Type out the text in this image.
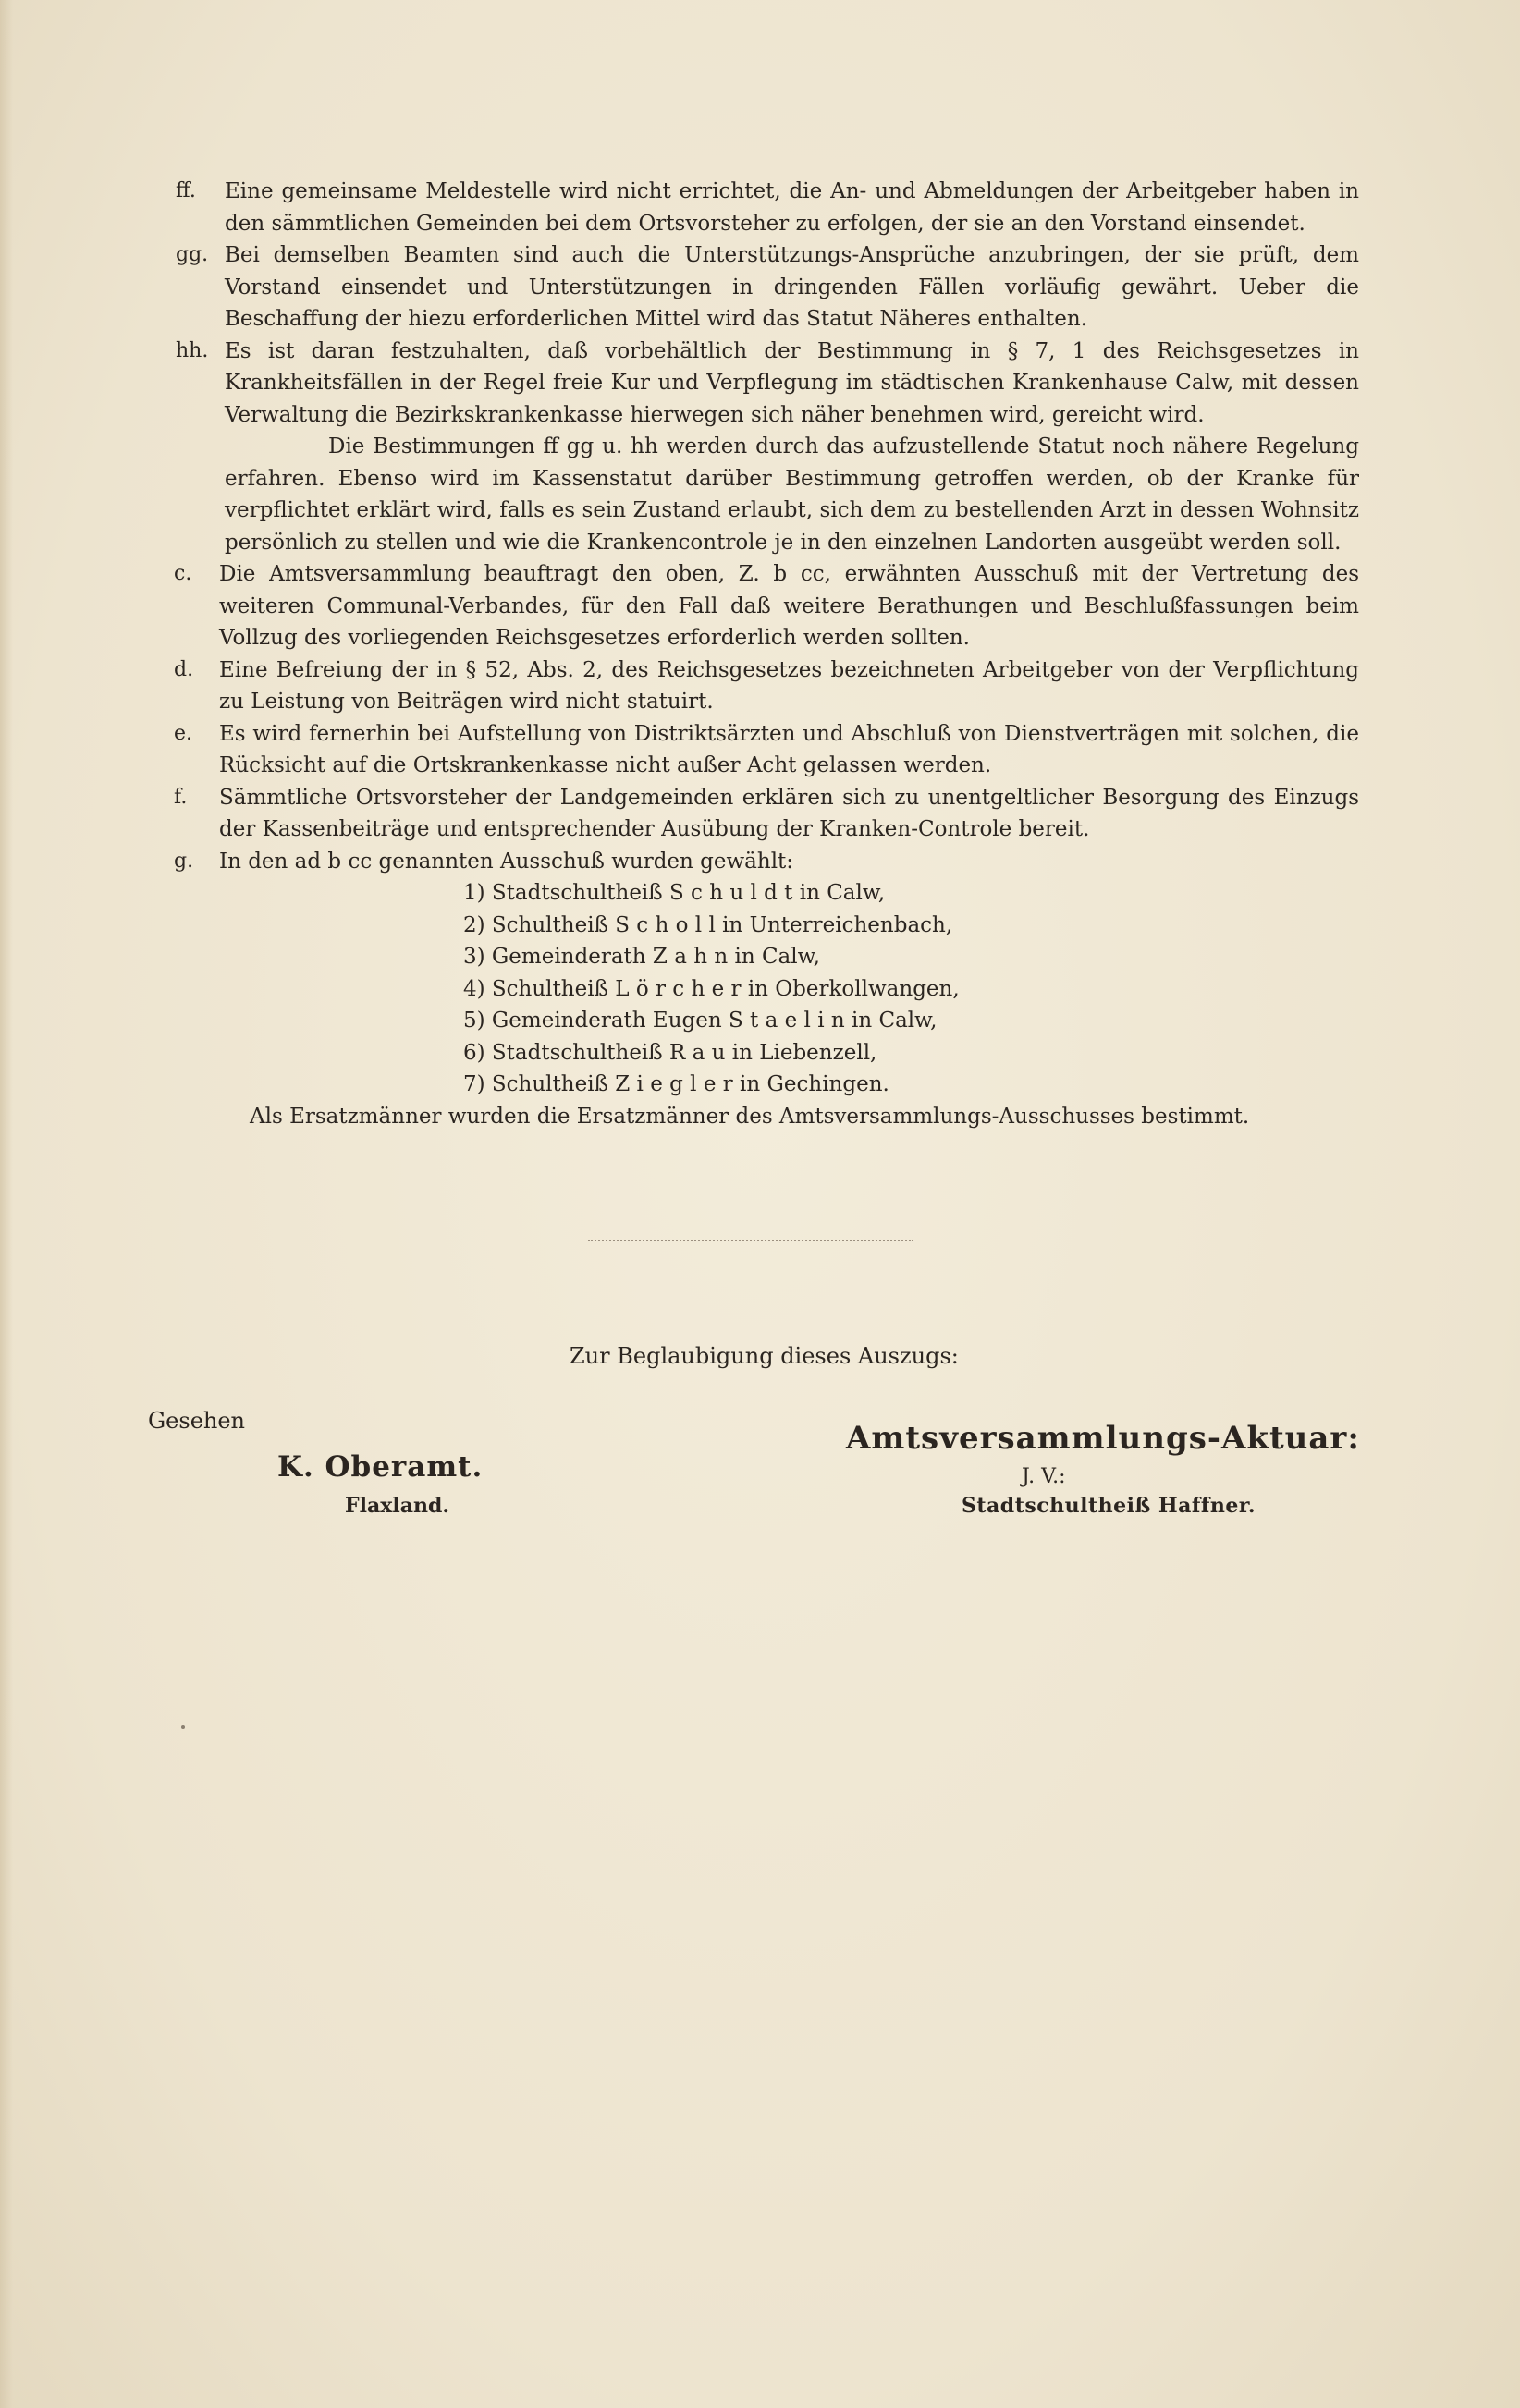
ff. Eine gemeinsame Meldestelle wird nicht errichtet, die An- und Abmeldungen der Arbeitgeber haben in den sämmtlichen Gemeinden bei dem Ortsvorsteher zu erfolgen, der sie an den Vorstand einsendet.
gg. Bei demselben Beamten sind auch die Unterstützungs-Ansprüche anzubringen, der sie prüft, dem Vorstand einsendet und Unterstützungen in dringenden Fällen vorläufig gewährt. Ueber die Beschaffung der hiezu erforderlichen Mittel wird das Statut Näheres enthalten.
hh. Es ist daran festzuhalten, daß vorbehältlich der Bestimmung in § 7, 1 des Reichsgesetzes in Krankheitsfällen in der Regel freie Kur und Verpflegung im städtischen Krankenhause Calw, mit dessen Verwaltung die Bezirkskrankenkasse hierwegen sich näher benehmen wird, gereicht wird.
Die Bestimmungen ff gg u. hh werden durch das aufzustellende Statut noch nähere Regelung erfahren. Ebenso wird im Kassenstatut darüber Bestimmung getroffen werden, ob der Kranke für verpflichtet erklärt wird, falls es sein Zustand erlaubt, sich dem zu bestellenden Arzt in dessen Wohnsitz persönlich zu stellen und wie die Krankencontrole je in den einzelnen Landorten ausgeübt werden soll.
c. Die Amtsversammlung beauftragt den oben, Z. b cc, erwähnten Ausschuß mit der Vertretung des weiteren Communal-Verbandes, für den Fall daß weitere Berathungen und Beschlußfassungen beim Vollzug des vorliegenden Reichsgesetzes erforderlich werden sollten.
d. Eine Befreiung der in § 52, Abs. 2, des Reichsgesetzes bezeichneten Arbeitgeber von der Verpflichtung zu Leistung von Beiträgen wird nicht statuirt.
e. Es wird fernerhin bei Aufstellung von Distriktsärzten und Abschluß von Dienstverträgen mit solchen, die Rücksicht auf die Ortskrankenkasse nicht außer Acht gelassen werden.
f. Sämmtliche Ortsvorsteher der Landgemeinden erklären sich zu unentgeltlicher Besorgung des Einzugs der Kassenbeiträge und entsprechender Ausübung der Kranken-Controle bereit.
g. In den ad b cc genannten Ausschuß wurden gewählt:
1) Stadtschultheiß S c h u l d t in Calw,
2) Schultheiß S c h o l l in Unterreichenbach,
3) Gemeinderath Z a h n in Calw,
4) Schultheiß L ö r c h e r in Oberkollwangen,
5) Gemeinderath Eugen S t a e l i n in Calw,
6) Stadtschultheiß R a u in Liebenzell,
7) Schultheiß Z i e g l e r in Gechingen.
Als Ersatzmänner wurden die Ersatzmänner des Amtsversammlungs-Ausschusses bestimmt.
Zur Beglaubigung dieses Auszugs:
Gesehen
K. Oberamt.
Flaxland.
Amtsversammlungs-Aktuar:
J. V.:
Stadtschultheiß Haffner.
